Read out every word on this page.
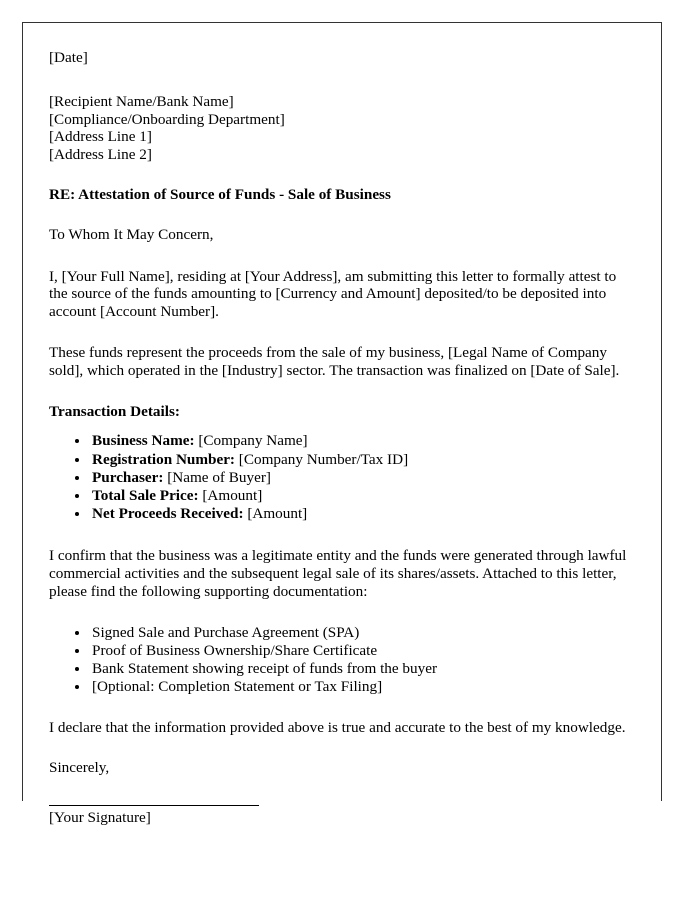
[Date]
[Recipient Name/Bank Name]
[Compliance/Onboarding Department]
[Address Line 1]
[Address Line 2]
RE: Attestation of Source of Funds - Sale of Business
To Whom It May Concern,
I, [Your Full Name], residing at [Your Address], am submitting this letter to formally attest to the source of the funds amounting to [Currency and Amount] deposited/to be deposited into account [Account Number].
These funds represent the proceeds from the sale of my business, [Legal Name of Company sold], which operated in the [Industry] sector. The transaction was finalized on [Date of Sale].
Transaction Details:
• Business Name: [Company Name]
• Registration Number: [Company Number/Tax ID]
• Purchaser: [Name of Buyer]
• Total Sale Price: [Amount]
• Net Proceeds Received: [Amount]
I confirm that the business was a legitimate entity and the funds were generated through lawful commercial activities and the subsequent legal sale of its shares/assets. Attached to this letter, please find the following supporting documentation:
• Signed Sale and Purchase Agreement (SPA)
• Proof of Business Ownership/Share Certificate
• Bank Statement showing receipt of funds from the buyer
• [Optional: Completion Statement or Tax Filing]
I declare that the information provided above is true and accurate to the best of my knowledge.
Sincerely,
[Your Signature]
